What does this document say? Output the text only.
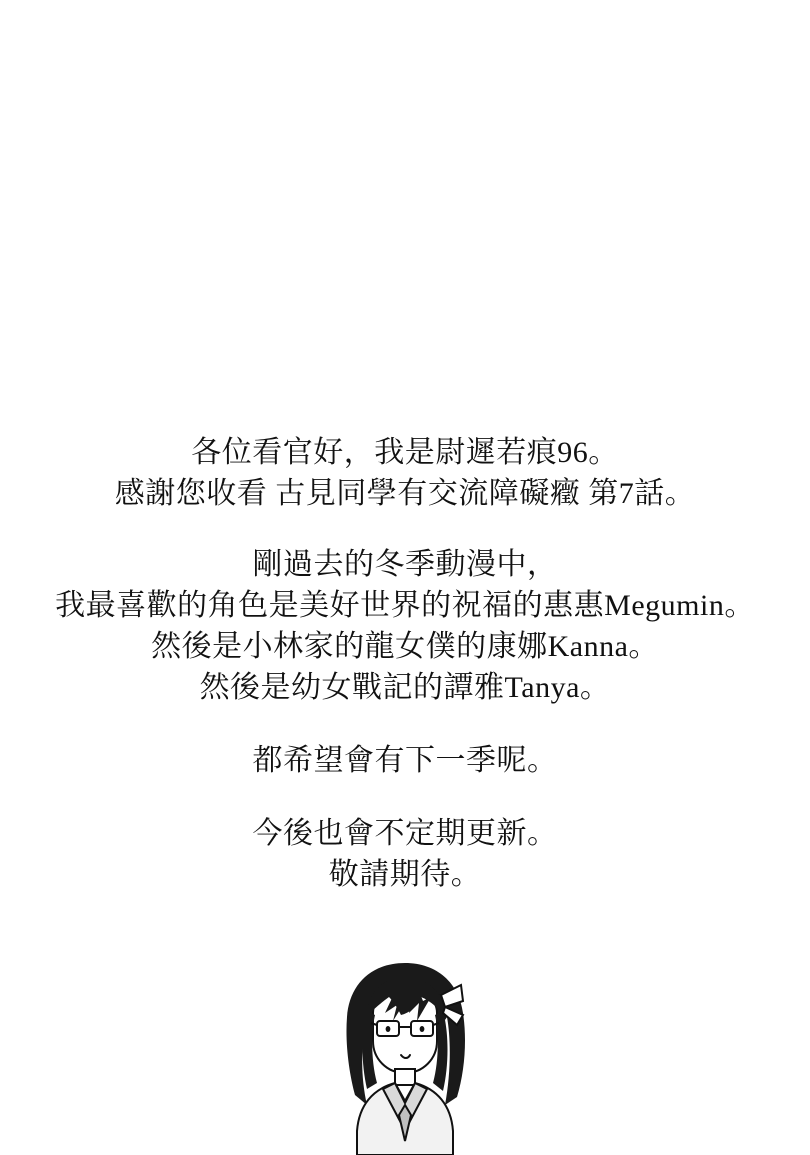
各位看官好，我是尉遲若痕96。
感謝您收看 古見同學有交流障礙癥 第7話。
剛過去的冬季動漫中，
我最喜歡的角色是美好世界的祝福的惠惠Megumin。
然後是小林家的龍女僕的康娜Kanna。
然後是幼女戰記的譚雅Tanya。
都希望會有下一季呢。
今後也會不定期更新。
敬請期待。
